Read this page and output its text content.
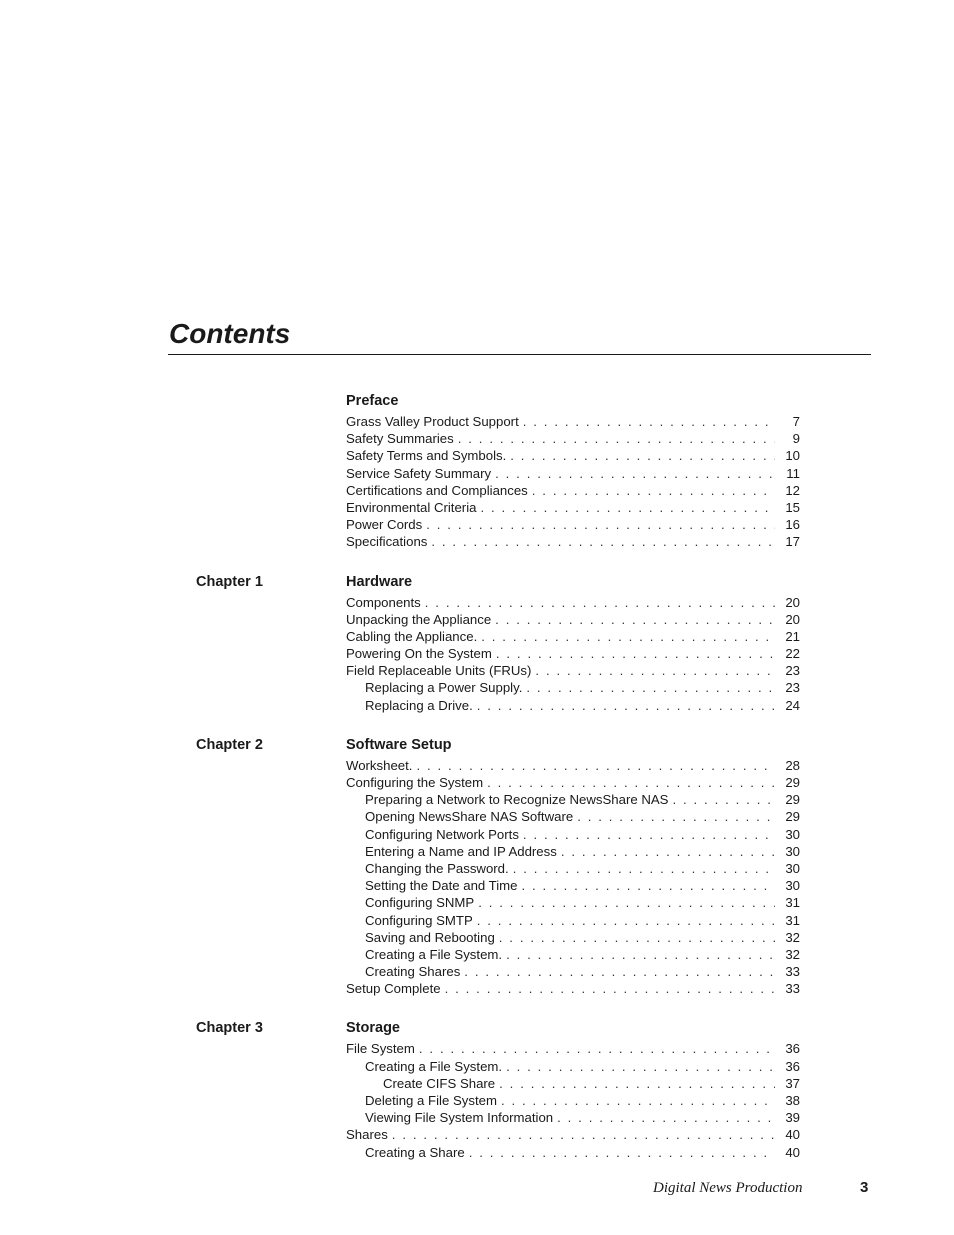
Contents
Preface
Grass Valley Product Support . . .	7
Safety Summaries . . .	9
Safety Terms and Symbols. . . .	10
Service Safety Summary . . .	11
Certifications and Compliances . . .	12
Environmental Criteria . . .	15
Power Cords . . .	16
Specifications . . .	17
Chapter 1	Hardware
Components . . .	20
Unpacking the Appliance . . .	20
Cabling the Appliance. . . .	21
Powering On the System . . .	22
Field Replaceable Units (FRUs) . . .	23
Replacing a Power Supply. . . .	23
Replacing a Drive. . . .	24
Chapter 2	Software Setup
Worksheet. . . .	28
Configuring the System . . .	29
Preparing a Network to Recognize NewsShare NAS . . .	29
Opening NewsShare NAS Software . . .	29
Configuring Network Ports . . .	30
Entering a Name and IP Address . . .	30
Changing the Password. . . .	30
Setting the Date and Time . . .	30
Configuring SNMP . . .	31
Configuring SMTP . . .	31
Saving and Rebooting . . .	32
Creating a File System. . . .	32
Creating Shares . . .	33
Setup Complete . . .	33
Chapter 3	Storage
File System . . .	36
Creating a File System. . . .	36
Create CIFS Share . . .	37
Deleting a File System . . .	38
Viewing File System Information . . .	39
Shares . . .	40
Creating a Share . . .	40
Digital News Production	3
